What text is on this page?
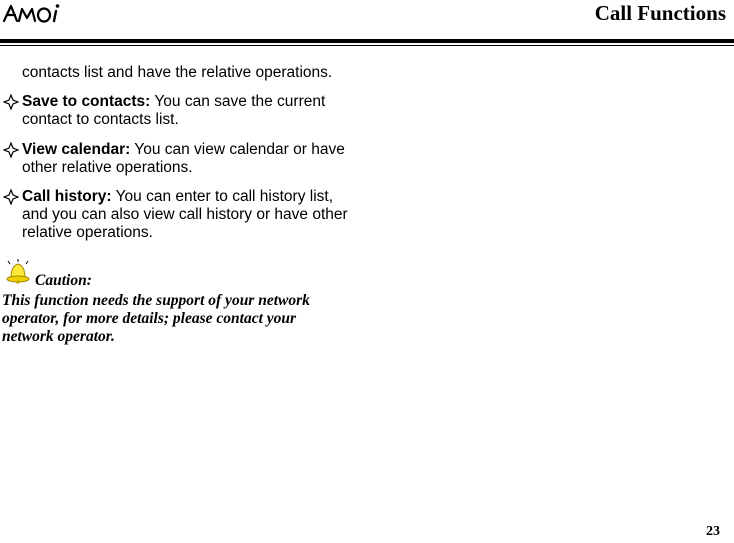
Call Functions
contacts list and have the relative operations.
Save to contacts: You can save the current contact to contacts list.
View calendar: You can view calendar or have other relative operations.
Call history: You can enter to call history list, and you can also view call history or have other relative operations.
Caution:
This function needs the support of your network operator, for more details; please contact your network operator.
23
